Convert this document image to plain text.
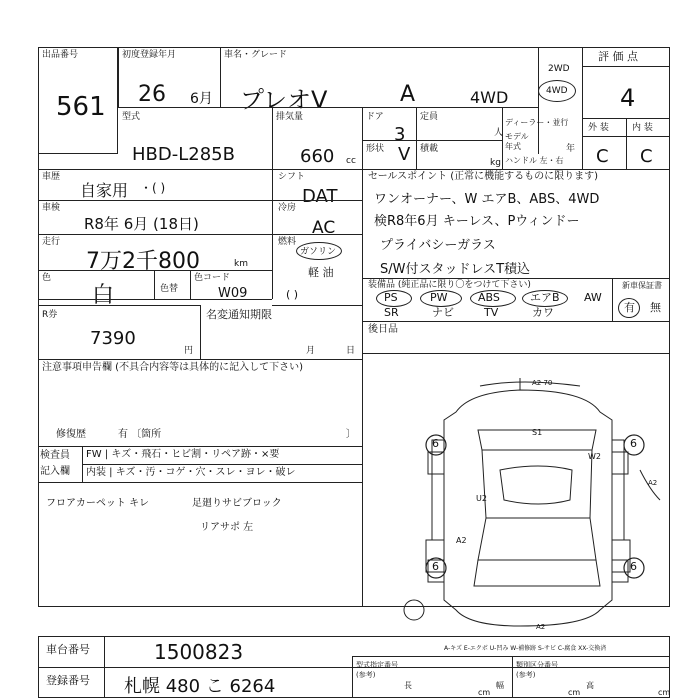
出品番号
561
初度登録年月
26 6月
車名・グレード
プレオV	A	4WD
2WD
4WD
評 価 点
4
型式
HBD-L285B
排気量
660 cc
ドア
3
定員
人
形状 V 積載
kg
ディーラー・並行
モデル年式	年
ハンドル 左・右
外 装	内 装
C C
車歴
自家用 ・( )
シフト
DAT
車検
R8年 6月 (18日)
冷房
AC
走行
7万2千800	km
燃料
ガソリン
軽 油
( )
色
白	色替
色コード
W09
R券
7390
円
名変通知期限
月	日
注意事項申告欄 (不具合内容等は具体的に記入して下さい)
修復歴	有 〔箇所	〕
検査員
記入欄
FW | キズ・飛石・ヒビ割・リペア跡・×要
内装 | キズ・汚・コゲ・穴・スレ・ヨレ・破レ
フロアカーペット キレ	足廻りサビブロック
リアサポ 左
セールスポイント (正常に機能するものに限ります)
ワンオーナー、W エアB、ABS、4WD
検R8年6月 キーレス、Pウィンドー
プライバシーガラス
S/W付スタッドレスT積込
装備品 (純正品に限り〇をつけて下さい)	新車保証書
PS	PW	ABS	エアB AW
SR	ナビ	TV	カワ	有 無
後日品
6	6
6	6
S1
U2
W2
A2
A2 70
A2
A2
A-キズ E-エクボ U-凹み W-補修跡 S-サビ C-腐食 XX-交換済
車台番号	1500823
登録番号 札幌 480 こ 6264
型式指定番号 (参考)
類別区分番号 (参考)
長
cm
幅
cm
高
cm
